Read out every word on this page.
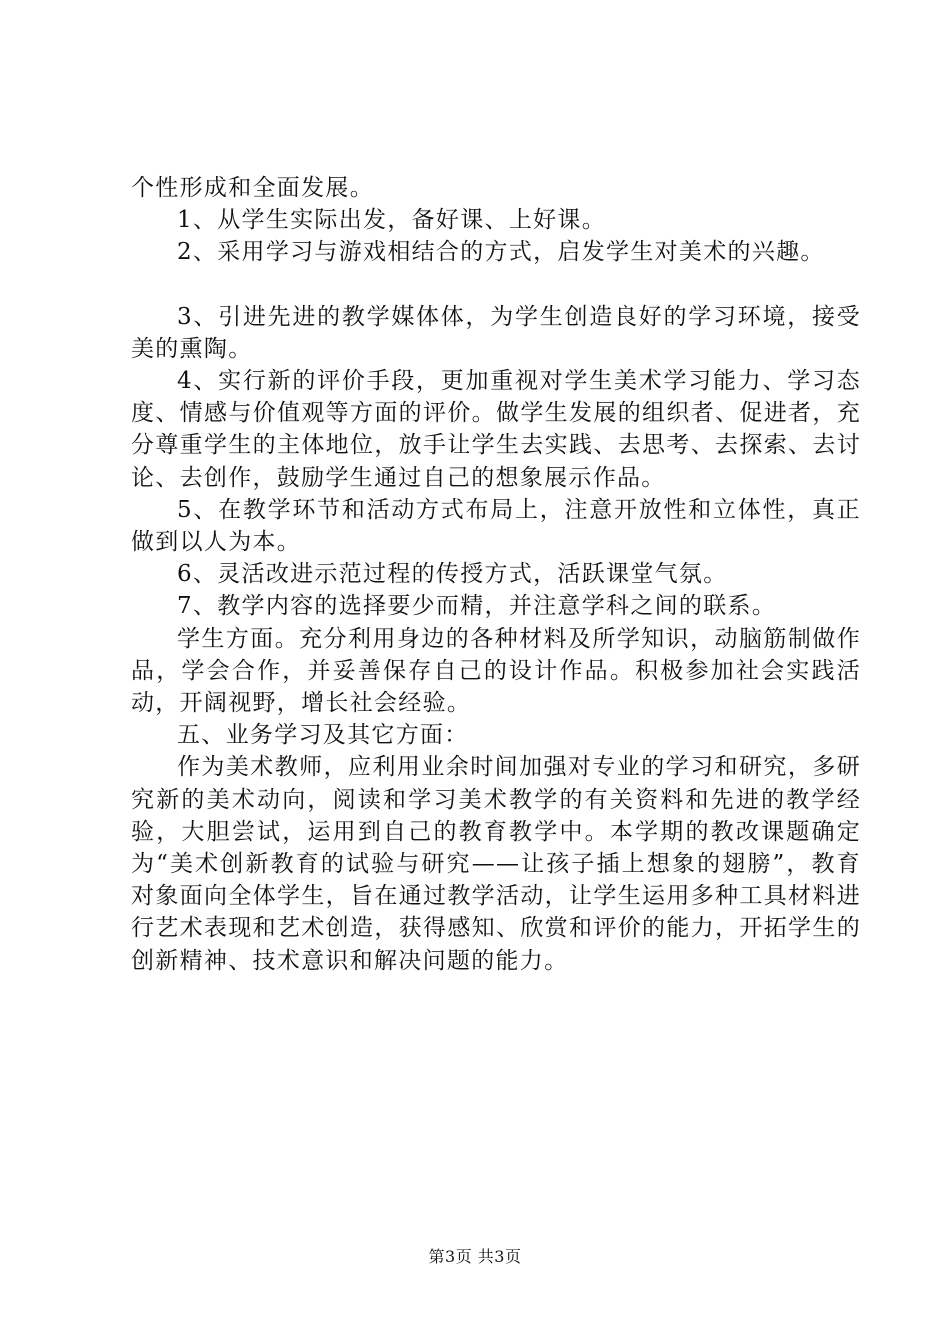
个性形成和全面发展。

1、从学生实际出发，备好课、上好课。

2、采用学习与游戏相结合的方式，启发学生对美术的兴趣。

3、引进先进的教学媒体体，为学生创造良好的学习环境，接受美的熏陶。

4、实行新的评价手段，更加重视对学生美术学习能力、学习态度、情感与价值观等方面的评价。做学生发展的组织者、促进者，充分尊重学生的主体地位，放手让学生去实践、去思考、去探索、去讨论、去创作，鼓励学生通过自己的想象展示作品。

5、在教学环节和活动方式布局上，注意开放性和立体性，真正做到以人为本。

6、灵活改进示范过程的传授方式，活跃课堂气氛。

7、教学内容的选择要少而精，并注意学科之间的联系。

学生方面。充分利用身边的各种材料及所学知识，动脑筋制做作品，学会合作，并妥善保存自己的设计作品。积极参加社会实践活动，开阔视野，增长社会经验。

五、业务学习及其它方面：

作为美术教师，应利用业余时间加强对专业的学习和研究，多研究新的美术动向，阅读和学习美术教学的有关资料和先进的教学经验，大胆尝试，运用到自己的教育教学中。本学期的教改课题确定为“美术创新教育的试验与研究——让孩子插上想象的翅膀”，教育对象面向全体学生，旨在通过教学活动，让学生运用多种工具材料进行艺术表现和艺术创造，获得感知、欣赏和评价的能力，开拓学生的创新精神、技术意识和解决问题的能力。

第3页 共3页
